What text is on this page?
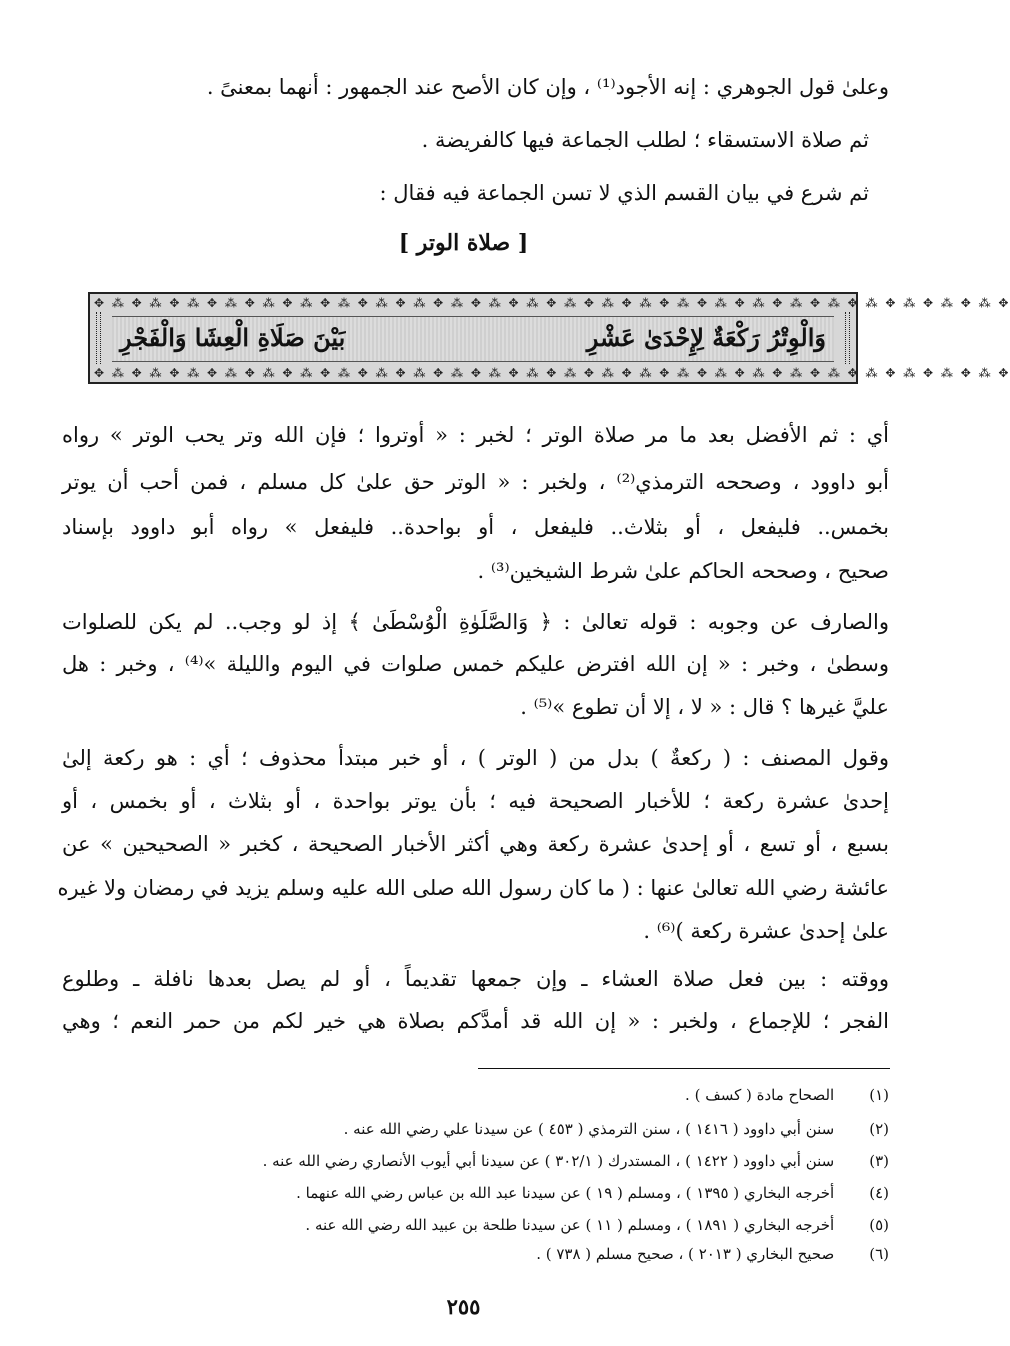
وعلىٰ قول الجوهري : إنه الأجود⁽¹⁾ ، وإن كان الأصح عند الجمهور : أنهما بمعنىً .
ثم صلاة الاستسقاء ؛ لطلب الجماعة فيها كالفريضة .
ثم شرع في بيان القسم الذي لا تسن الجماعة فيه فقال :
[ صلاة الوتر ]
✥ ⁂ ✥ ⁂ ✥ ⁂ ✥ ⁂ ✥ ⁂ ✥ ⁂ ✥ ⁂ ✥ ⁂ ✥ ⁂ ✥ ⁂ ✥ ⁂ ✥ ⁂ ✥ ⁂ ✥ ⁂ ✥ ⁂ ✥ ⁂ ✥ ⁂ ✥ ⁂ ✥ ⁂ ✥ ⁂ ✥ ⁂ ✥ ⁂ ✥ ⁂ ✥ ⁂ ✥
✥ ⁂ ✥ ⁂ ✥ ⁂ ✥ ⁂ ✥ ⁂ ✥ ⁂ ✥ ⁂ ✥ ⁂ ✥ ⁂ ✥ ⁂ ✥ ⁂ ✥ ⁂ ✥ ⁂ ✥ ⁂ ✥ ⁂ ✥ ⁂ ✥ ⁂ ✥ ⁂ ✥ ⁂ ✥ ⁂ ✥ ⁂ ✥ ⁂ ✥ ⁂ ✥ ⁂ ✥
وَالْوِتْرُ رَكْعَةٌ لِإِحْدَىٰ عَشْرِ
بَيْنَ صَلَاةِ الْعِشَا وَالْفَجْرِ
أي : ثم الأفضل بعد ما مر صلاة الوتر ؛ لخبر : « أوتروا ؛ فإن الله وتر يحب الوتر » رواه
أبو داوود ، وصححه الترمذي⁽²⁾ ، ولخبر : « الوتر حق علىٰ كل مسلم ، فمن أحب أن يوتر
بخمس.. فليفعل ، أو بثلاث.. فليفعل ، أو بواحدة.. فليفعل » رواه أبو داوود بإسناد
صحيح ، وصححه الحاكم علىٰ شرط الشيخين⁽³⁾ .
والصارف عن وجوبه : قوله تعالىٰ : ﴿ وَالصَّلَوٰةِ الْوُسْطَىٰ ﴾ إذ لو وجب.. لم يكن للصلوات
وسطىٰ ، وخبر : « إن الله افترض عليكم خمس صلوات في اليوم والليلة »⁽⁴⁾ ، وخبر : هل
عليَّ غيرها ؟ قال : « لا ، إلا أن تطوع »⁽⁵⁾ .
وقول المصنف : ( ركعةٌ ) بدل من ( الوتر ) ، أو خبر مبتدأ محذوف ؛ أي : هو ركعة إلىٰ
إحدىٰ عشرة ركعة ؛ للأخبار الصحيحة فيه ؛ بأن يوتر بواحدة ، أو بثلاث ، أو بخمس ، أو
بسبع ، أو تسع ، أو إحدىٰ عشرة ركعة وهي أكثر الأخبار الصحيحة ، كخبر « الصحيحين » عن
عائشة رضي الله تعالىٰ عنها : ( ما كان رسول الله صلى الله عليه وسلم يزيد في رمضان ولا غيره
علىٰ إحدىٰ عشرة ركعة )⁽⁶⁾ .
ووقته : بين فعل صلاة العشاء ـ وإن جمعها تقديماً ، أو لم يصل بعدها نافلة ـ وطلوع
الفجر ؛ للإجماع ، ولخبر : « إن الله قد أمدَّكم بصلاة هي خير لكم من حمر النعم ؛ وهي
(١) الصحاح مادة ( كسف ) .
(٢) سنن أبي داوود ( ١٤١٦ ) ، سنن الترمذي ( ٤٥٣ ) عن سيدنا علي رضي الله عنه .
(٣) سنن أبي داوود ( ١٤٢٢ ) ، المستدرك ( ٣٠٢/١ ) عن سيدنا أبي أيوب الأنصاري رضي الله عنه .
(٤) أخرجه البخاري ( ١٣٩٥ ) ، ومسلم ( ١٩ ) عن سيدنا عبد الله بن عباس رضي الله عنهما .
(٥) أخرجه البخاري ( ١٨٩١ ) ، ومسلم ( ١١ ) عن سيدنا طلحة بن عبيد الله رضي الله عنه .
(٦) صحيح البخاري ( ٢٠١٣ ) ، صحيح مسلم ( ٧٣٨ ) .
٢٥٥
